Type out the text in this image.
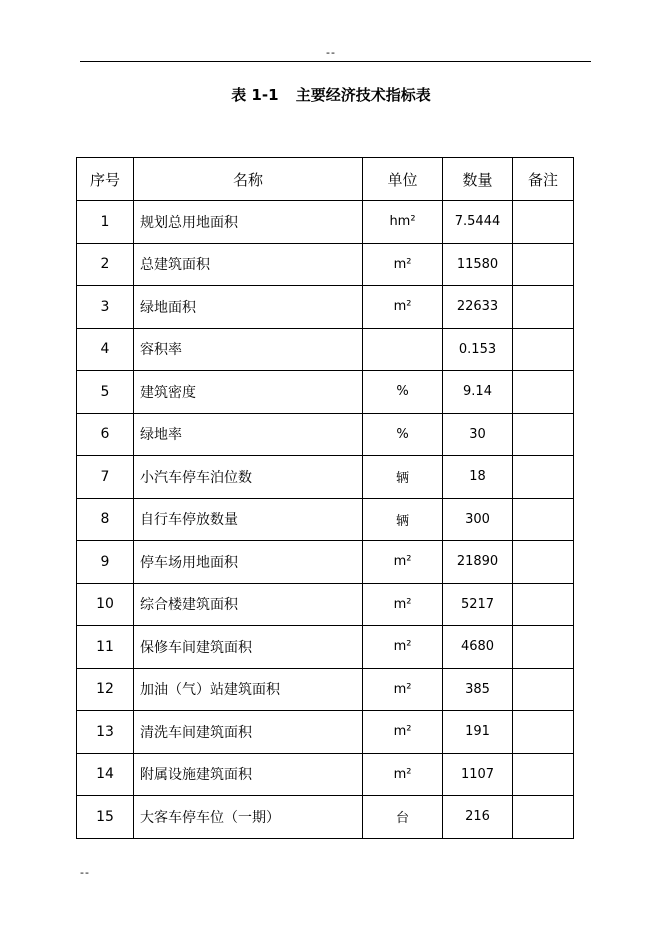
--
表 1-1 主要经济技术指标表
序号	名称	单位	数量	备注
1	规划总用地面积	hm²	7.5444	
2	总建筑面积	m²	11580	
3	绿地面积	m²	22633	
4	容积率		0.153	
5	建筑密度	%	9.14	
6	绿地率	%	30	
7	小汽车停车泊位数	辆	18	
8	自行车停放数量	辆	300	
9	停车场用地面积	m²	21890	
10	综合楼建筑面积	m²	5217	
11	保修车间建筑面积	m²	4680	
12	加油（气）站建筑面积	m²	385	
13	清洗车间建筑面积	m²	191	
14	附属设施建筑面积	m²	1107	
15	大客车停车位（一期）	台	216	
--
